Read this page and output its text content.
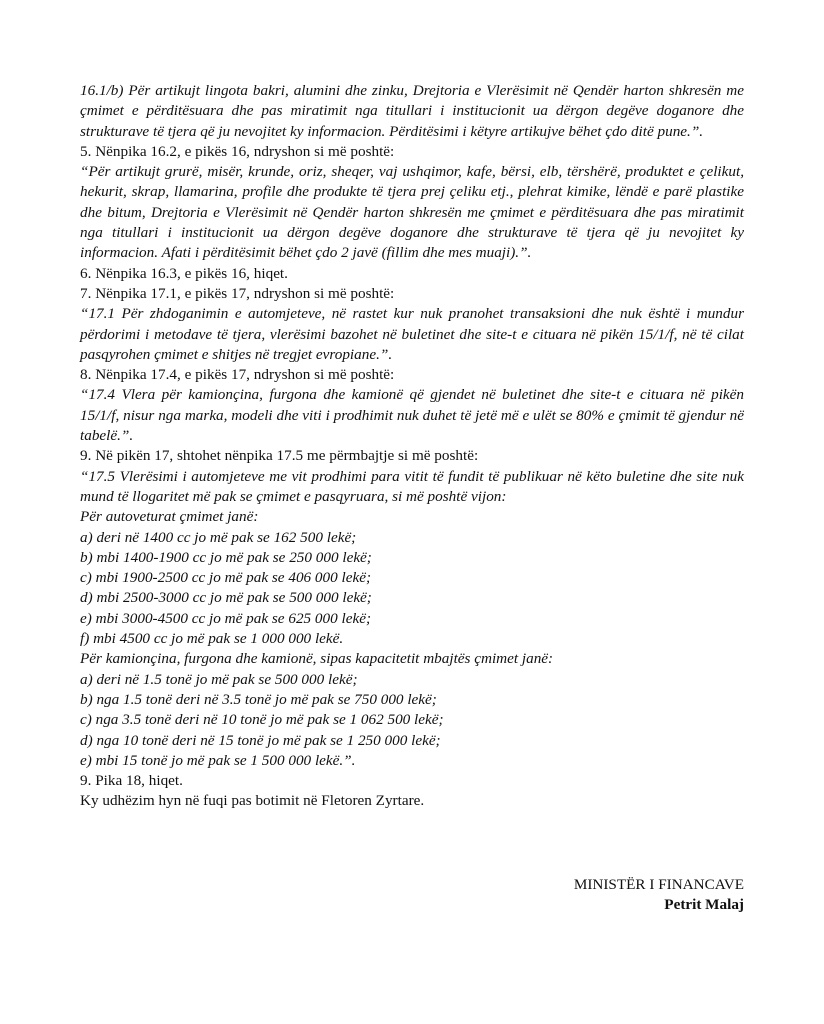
16.1/b) Për artikujt lingota bakri, alumini dhe zinku, Drejtoria e Vlerësimit në Qendër harton shkresën me çmimet e përditësuara dhe pas miratimit nga titullari i institucionit ua dërgon degëve doganore dhe strukturave të tjera që ju nevojitet ky informacion. Përditësimi i këtyre artikujve bëhet çdo ditë pune.”.

5. Nënpika 16.2, e pikës 16, ndryshon si më poshtë:

“Për artikujt grurë, misër, krunde, oriz, sheqer, vaj ushqimor, kafe, bërsi, elb, tërshërë, produktet e çelikut, hekurit, skrap, llamarina, profile dhe produkte të tjera prej çeliku etj., plehrat kimike, lëndë e parë plastike dhe bitum, Drejtoria e Vlerësimit në Qendër harton shkresën me çmimet e përditësuara dhe pas miratimit nga titullari i institucionit ua dërgon degëve doganore dhe strukturave të tjera që ju nevojitet ky informacion. Afati i përditësimit bëhet çdo 2 javë (fillim dhe mes muaji).”.

6. Nënpika 16.3, e pikës 16, hiqet.

7. Nënpika 17.1, e pikës 17, ndryshon si më poshtë:

“17.1 Për zhdoganimin e automjeteve, në rastet kur nuk pranohet transaksioni dhe nuk është i mundur përdorimi i metodave të tjera, vlerësimi bazohet në buletinet dhe site-t e cituara në pikën 15/1/f, në të cilat pasqyrohen çmimet e shitjes në tregjet evropiane.”.

8. Nënpika 17.4, e pikës 17, ndryshon si më poshtë:

“17.4 Vlera për kamionçina, furgona dhe kamionë që gjendet në buletinet dhe site-t e cituara në pikën 15/1/f, nisur nga marka, modeli dhe viti i prodhimit nuk duhet të jetë më e ulët se 80% e çmimit të gjendur në tabelë.”.

9. Në pikën 17, shtohet nënpika 17.5 me përmbajtje si më poshtë:

“17.5 Vlerësimi i automjeteve me vit prodhimi para vitit të fundit të publikuar në këto buletine dhe site nuk mund të llogaritet më pak se çmimet e pasqyruara, si më poshtë vijon:

Për autoveturat çmimet janë:

a) deri në 1400 cc jo më pak se 162 500 lekë;

b) mbi 1400-1900 cc jo më pak se 250 000 lekë;

c) mbi 1900-2500 cc jo më pak se 406 000 lekë;

d) mbi 2500-3000 cc jo më pak se 500 000 lekë;

e) mbi 3000-4500 cc jo më pak se 625 000 lekë;

f) mbi 4500 cc jo më pak se 1 000 000 lekë.

Për kamionçina, furgona dhe kamionë, sipas kapacitetit mbajtës çmimet janë:

a) deri në 1.5 tonë jo më pak se 500 000 lekë;

b) nga 1.5 tonë deri në 3.5 tonë jo më pak se 750 000 lekë;

c) nga 3.5 tonë deri në 10 tonë jo më pak se 1 062 500 lekë;

d) nga 10 tonë deri në 15 tonë jo më pak se 1 250 000 lekë;

e) mbi 15 tonë jo më pak se 1 500 000 lekë.”.

9. Pika 18, hiqet.

Ky udhëzim hyn në fuqi pas botimit në Fletoren Zyrtare.

MINISTËR I FINANCAVE
Petrit Malaj
